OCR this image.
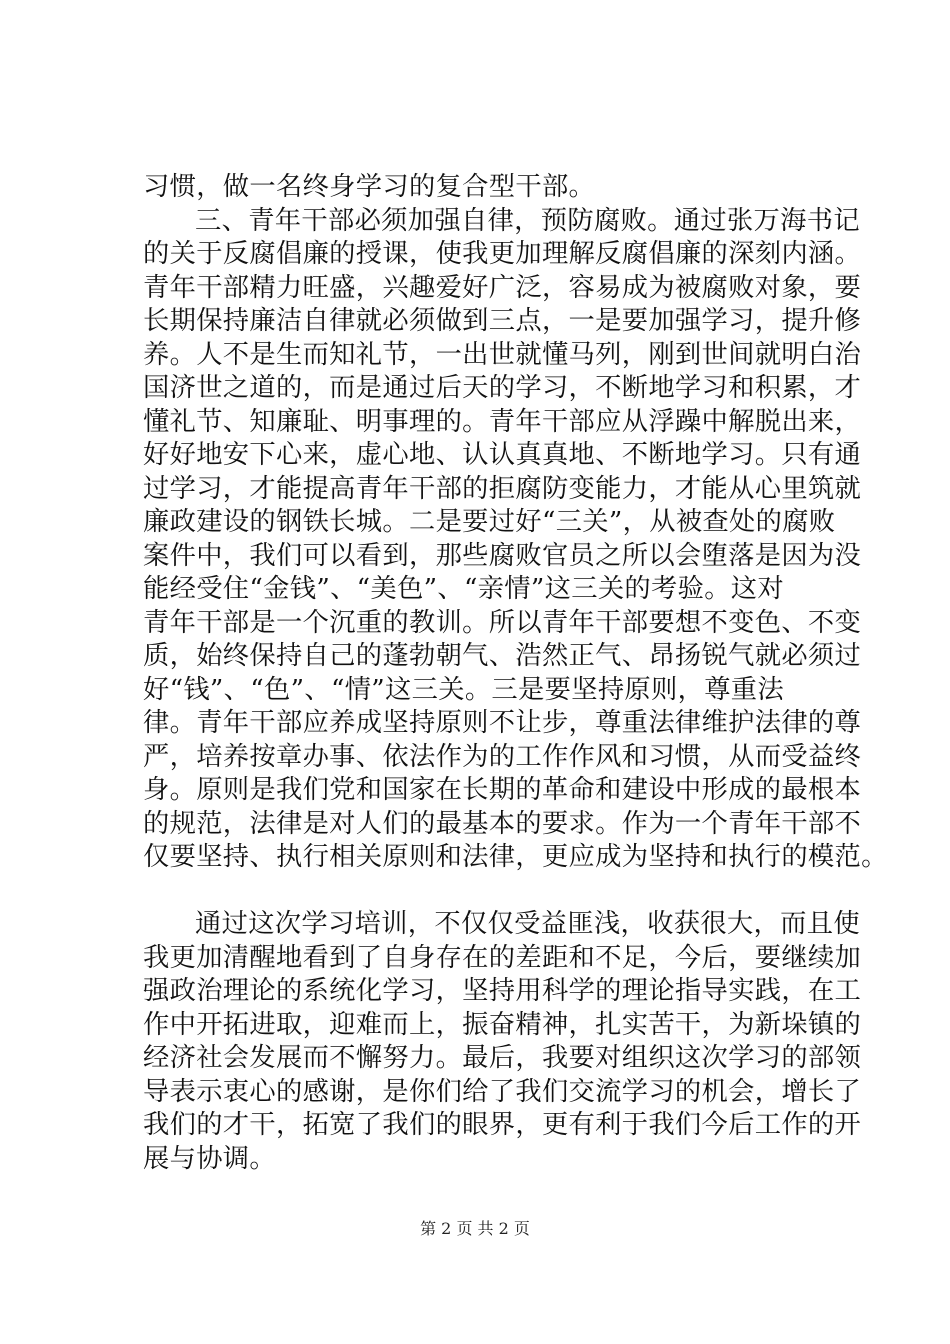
习惯，做一名终身学习的复合型干部。
三、青年干部必须加强自律，预防腐败。通过张万海书记
的关于反腐倡廉的授课，使我更加理解反腐倡廉的深刻内涵。
青年干部精力旺盛，兴趣爱好广泛，容易成为被腐败对象，要
长期保持廉洁自律就必须做到三点，一是要加强学习，提升修
养。人不是生而知礼节，一出世就懂马列，刚到世间就明白治
国济世之道的，而是通过后天的学习，不断地学习和积累，才
懂礼节、知廉耻、明事理的。青年干部应从浮躁中解脱出来，
好好地安下心来，虚心地、认认真真地、不断地学习。只有通
过学习，才能提高青年干部的拒腐防变能力，才能从心里筑就
廉政建设的钢铁长城。二是要过好“三关”，从被查处的腐败
案件中，我们可以看到，那些腐败官员之所以会堕落是因为没
能经受住“金钱”、“美色”、“亲情”这三关的考验。这对
青年干部是一个沉重的教训。所以青年干部要想不变色、不变
质，始终保持自己的蓬勃朝气、浩然正气、昂扬锐气就必须过
好“钱”、“色”、“情”这三关。三是要坚持原则，尊重法
律。青年干部应养成坚持原则不让步，尊重法律维护法律的尊
严，培养按章办事、依法作为的工作作风和习惯，从而受益终
身。原则是我们党和国家在长期的革命和建设中形成的最根本
的规范，法律是对人们的最基本的要求。作为一个青年干部不
仅要坚持、执行相关原则和法律，更应成为坚持和执行的模范。
通过这次学习培训，不仅仅受益匪浅，收获很大，而且使
我更加清醒地看到了自身存在的差距和不足，今后，要继续加
强政治理论的系统化学习，坚持用科学的理论指导实践，在工
作中开拓进取，迎难而上，振奋精神，扎实苦干，为新垛镇的
经济社会发展而不懈努力。最后，我要对组织这次学习的部领
导表示衷心的感谢，是你们给了我们交流学习的机会，增长了
我们的才干，拓宽了我们的眼界，更有利于我们今后工作的开
展与协调。
第 2 页 共 2 页
